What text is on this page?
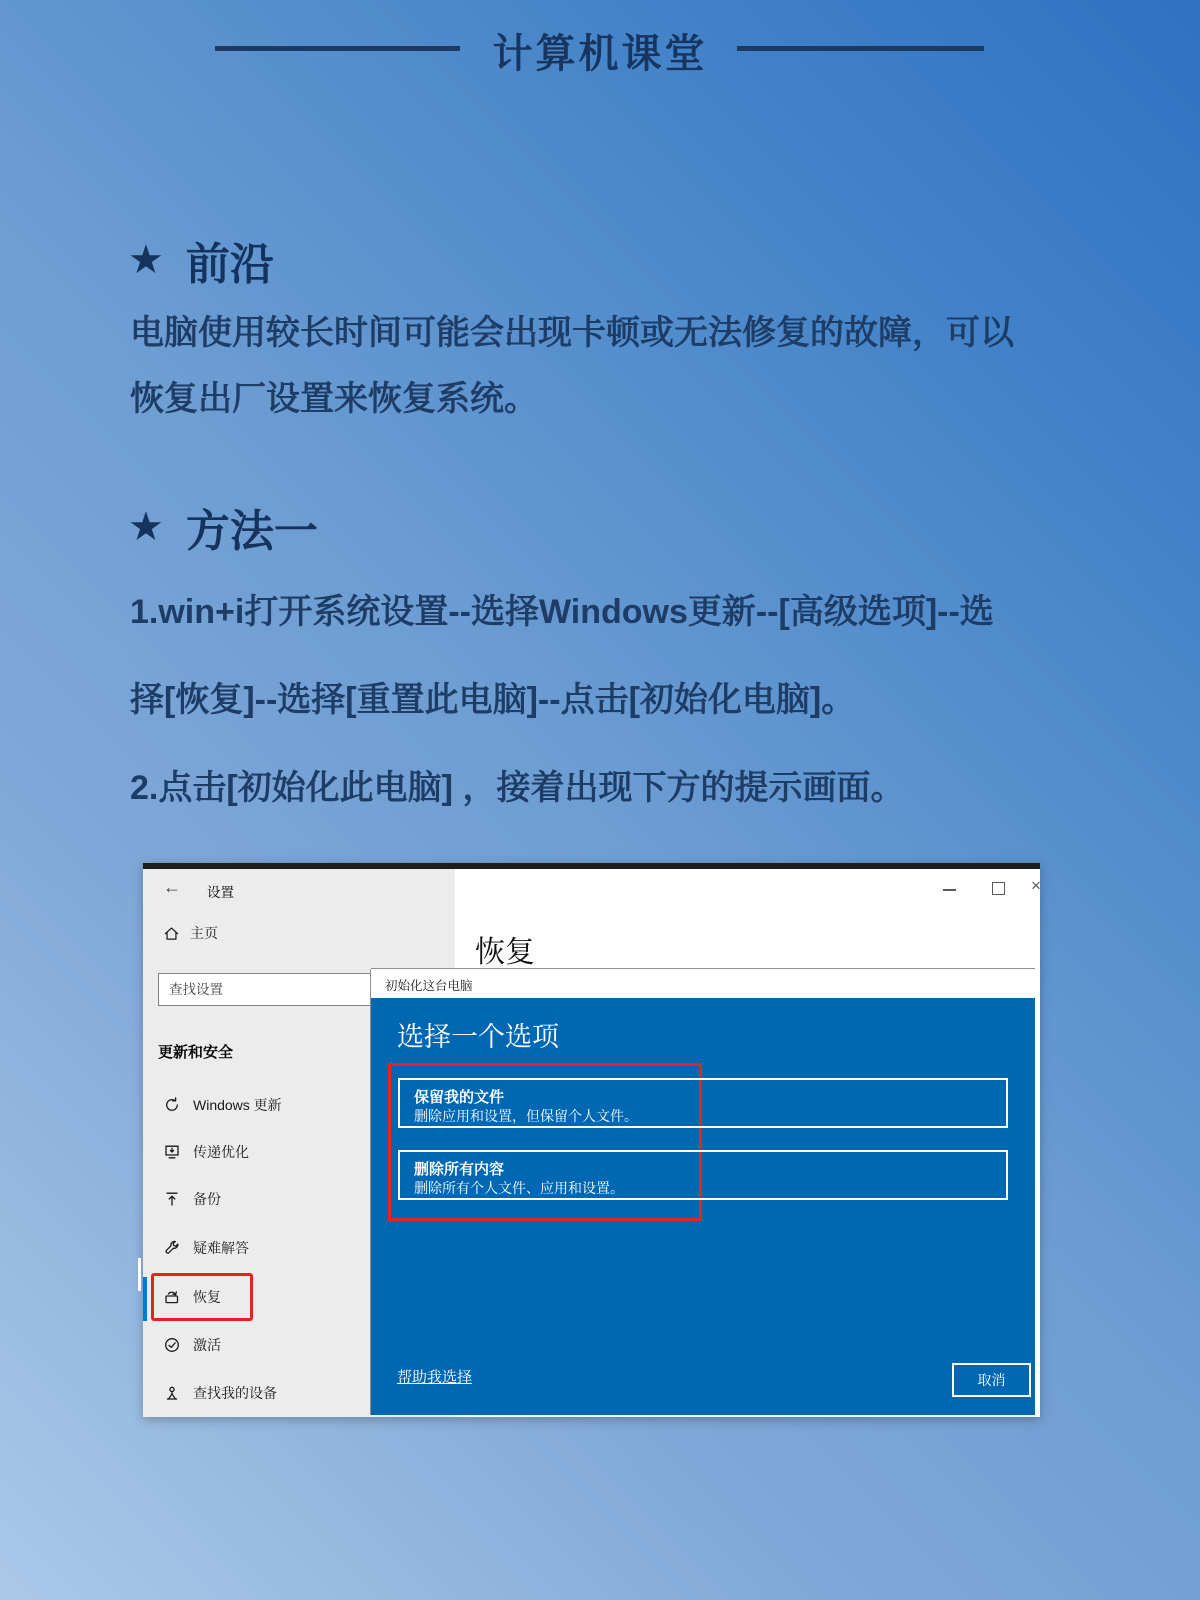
计算机课堂
★ 前沿
电脑使用较长时间可能会出现卡顿或无法修复的故障，可以
恢复出厂设置来恢复系统。
★ 方法一
1.win+i打开系统设置--选择Windows更新--[高级选项]--选
择[恢复]--选择[重置此电脑]--点击[初始化电脑]。
2.点击[初始化此电脑] ，接着出现下方的提示画面。
← 设置	×
主页
查找设置
更新和安全
Windows 更新
传递优化
备份
疑难解答
恢复
激活
查找我的设备
恢复
初始化这台电脑
选择一个选项
保留我的文件
删除应用和设置，但保留个人文件。
删除所有内容
删除所有个人文件、应用和设置。
帮助我选择	取消
